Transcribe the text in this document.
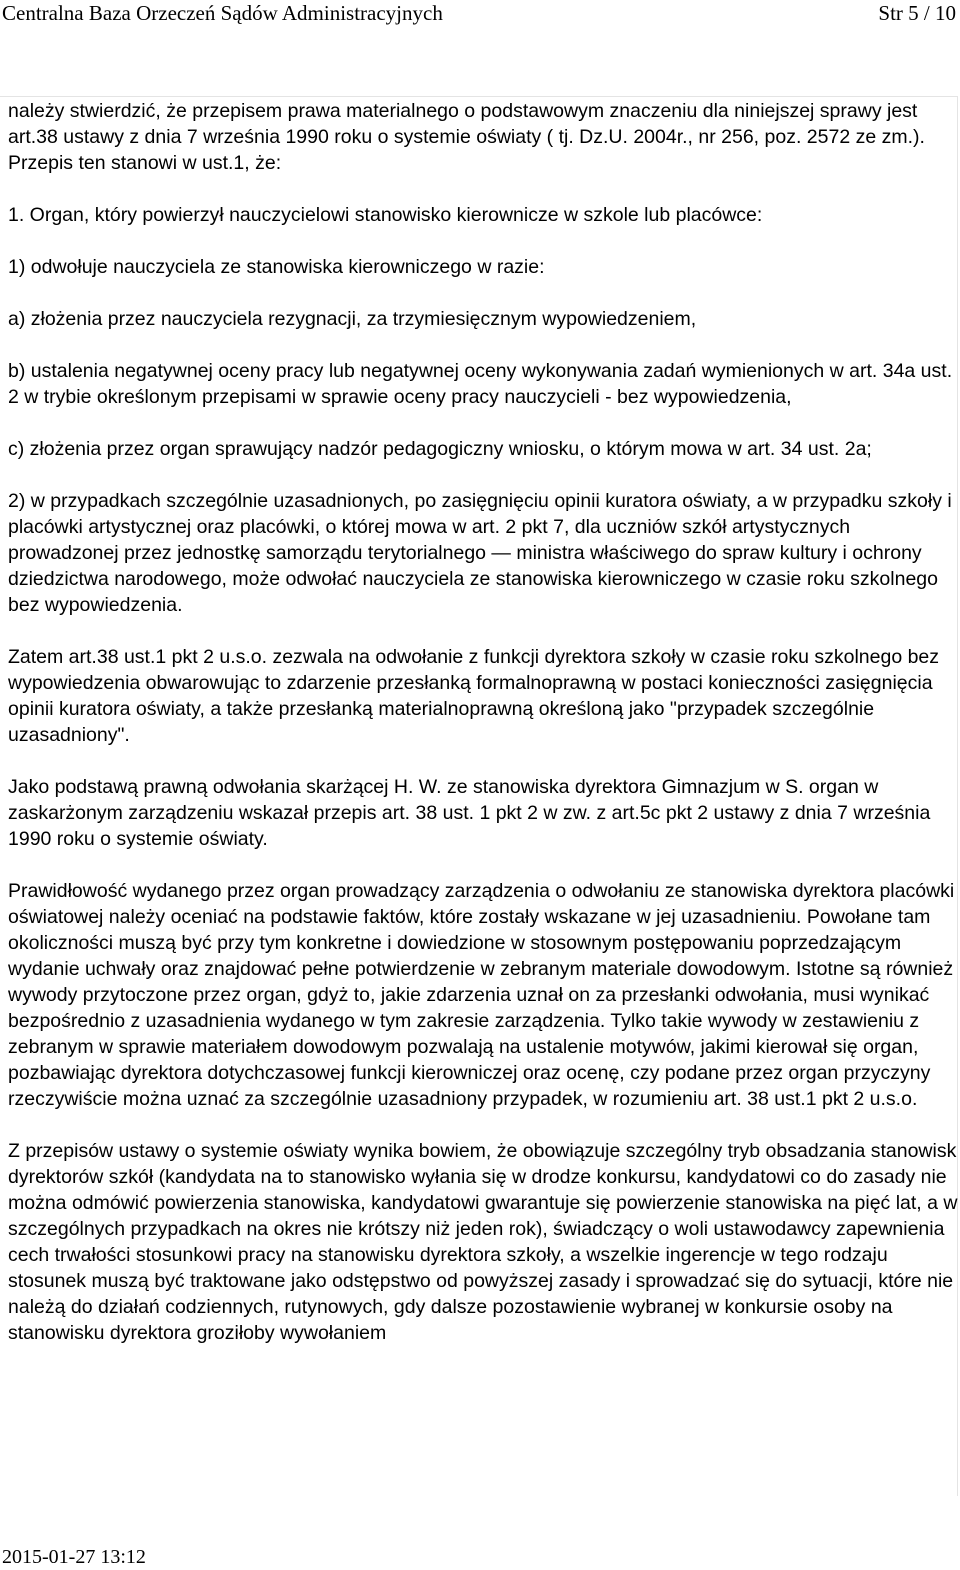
Centralna Baza Orzeczeń Sądów Administracyjnych	Str 5 / 10

należy stwierdzić, że przepisem prawa materialnego o podstawowym znaczeniu dla niniejszej sprawy jest art.38 ustawy z dnia 7 września 1990 roku o systemie oświaty ( tj. Dz.U. 2004r., nr 256, poz. 2572 ze zm.). Przepis ten stanowi w ust.1, że:

1. Organ, który powierzył nauczycielowi stanowisko kierownicze w szkole lub placówce:

1) odwołuje nauczyciela ze stanowiska kierowniczego w razie:

a) złożenia przez nauczyciela rezygnacji, za trzymiesięcznym wypowiedzeniem,

b) ustalenia negatywnej oceny pracy lub negatywnej oceny wykonywania zadań wymienionych w art. 34a ust. 2 w trybie określonym przepisami w sprawie oceny pracy nauczycieli - bez wypowiedzenia,

c) złożenia przez organ sprawujący nadzór pedagogiczny wniosku, o którym mowa w art. 34 ust. 2a;

2) w przypadkach szczególnie uzasadnionych, po zasięgnięciu opinii kuratora oświaty, a w przypadku szkoły i placówki artystycznej oraz placówki, o której mowa w art. 2 pkt 7, dla uczniów szkół artystycznych prowadzonej przez jednostkę samorządu terytorialnego — ministra właściwego do spraw kultury i ochrony dziedzictwa narodowego, może odwołać nauczyciela ze stanowiska kierowniczego w czasie roku szkolnego bez wypowiedzenia.

Zatem art.38 ust.1 pkt 2 u.s.o. zezwala na odwołanie z funkcji dyrektora szkoły w czasie roku szkolnego bez wypowiedzenia obwarowując to zdarzenie przesłanką formalnoprawną w postaci konieczności zasięgnięcia opinii kuratora oświaty, a także przesłanką materialnoprawną określoną jako "przypadek szczególnie uzasadniony".

Jako podstawą prawną odwołania skarżącej H. W. ze stanowiska dyrektora Gimnazjum w S. organ w zaskarżonym zarządzeniu wskazał przepis art. 38 ust. 1 pkt 2 w zw. z art.5c pkt 2 ustawy z dnia 7 września 1990 roku o systemie oświaty.

Prawidłowość wydanego przez organ prowadzący zarządzenia o odwołaniu ze stanowiska dyrektora placówki oświatowej należy oceniać na podstawie faktów, które zostały wskazane w jej uzasadnieniu. Powołane tam okoliczności muszą być przy tym konkretne i dowiedzione w stosownym postępowaniu poprzedzającym wydanie uchwały oraz znajdować pełne potwierdzenie w zebranym materiale dowodowym. Istotne są również wywody przytoczone przez organ, gdyż to, jakie zdarzenia uznał on za przesłanki odwołania, musi wynikać bezpośrednio z uzasadnienia wydanego w tym zakresie zarządzenia. Tylko takie wywody w zestawieniu z zebranym w sprawie materiałem dowodowym pozwalają na ustalenie motywów, jakimi kierował się organ, pozbawiając dyrektora dotychczasowej funkcji kierowniczej oraz ocenę, czy podane przez organ przyczyny rzeczywiście można uznać za szczególnie uzasadniony przypadek, w rozumieniu art. 38 ust.1 pkt 2 u.s.o.

Z przepisów ustawy o systemie oświaty wynika bowiem, że obowiązuje szczególny tryb obsadzania stanowisk dyrektorów szkół (kandydata na to stanowisko wyłania się w drodze konkursu, kandydatowi co do zasady nie można odmówić powierzenia stanowiska, kandydatowi gwarantuje się powierzenie stanowiska na pięć lat, a w szczególnych przypadkach na okres nie krótszy niż jeden rok), świadczący o woli ustawodawcy zapewnienia cech trwałości stosunkowi pracy na stanowisku dyrektora szkoły, a wszelkie ingerencje w tego rodzaju stosunek muszą być traktowane jako odstępstwo od powyższej zasady i sprowadzać się do sytuacji, które nie należą do działań codziennych, rutynowych, gdy dalsze pozostawienie wybranej w konkursie osoby na stanowisku dyrektora groziłoby wywołaniem

2015-01-27 13:12
